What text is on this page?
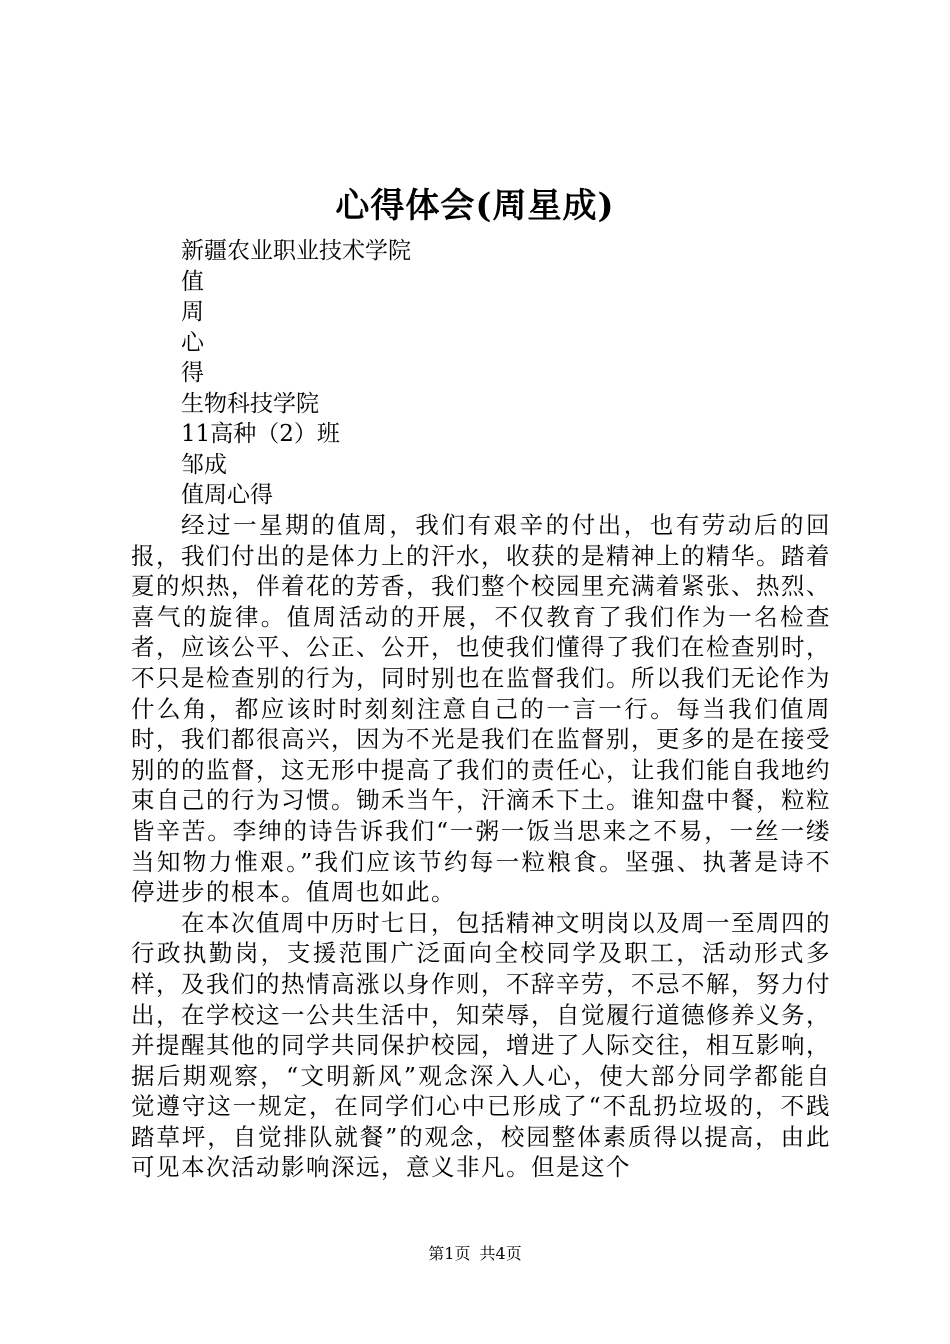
心得体会(周星成)
新疆农业职业技术学院
值
周
心
得
生物科技学院
11高种（2）班
邹成
值周心得

经过一星期的值周，我们有艰辛的付出，也有劳动后的回报，我们付出的是体力上的汗水，收获的是精神上的精华。踏着夏的炽热，伴着花的芳香，我们整个校园里充满着紧张、热烈、喜气的旋律。值周活动的开展，不仅教育了我们作为一名检查者，应该公平、公正、公开，也使我们懂得了我们在检查别时，不只是检查别的行为，同时别也在监督我们。所以我们无论作为什么角，都应该时时刻刻注意自己的一言一行。每当我们值周时，我们都很高兴，因为不光是我们在监督别，更多的是在接受别的的监督，这无形中提高了我们的责任心，让我们能自我地约束自己的行为习惯。锄禾当午，汗滴禾下土。谁知盘中餐，粒粒皆辛苦。李绅的诗告诉我们“一粥一饭当思来之不易，一丝一缕当知物力惟艰。”我们应该节约每一粒粮食。坚强、执著是诗不停进步的根本。值周也如此。

在本次值周中历时七日，包括精神文明岗以及周一至周四的行政执勤岗，支援范围广泛面向全校同学及职工，活动形式多样，及我们的热情高涨以身作则，不辞辛劳，不忌不解，努力付出，在学校这一公共生活中，知荣辱，自觉履行道德修养义务，并提醒其他的同学共同保护校园，增进了人际交往，相互影响，据后期观察，“文明新风”观念深入人心，使大部分同学都能自觉遵守这一规定，在同学们心中已形成了“不乱扔垃圾的，不践踏草坪，自觉排队就餐”的观念，校园整体素质得以提高，由此可见本次活动影响深远，意义非凡。但是这个

第1页 共4页
